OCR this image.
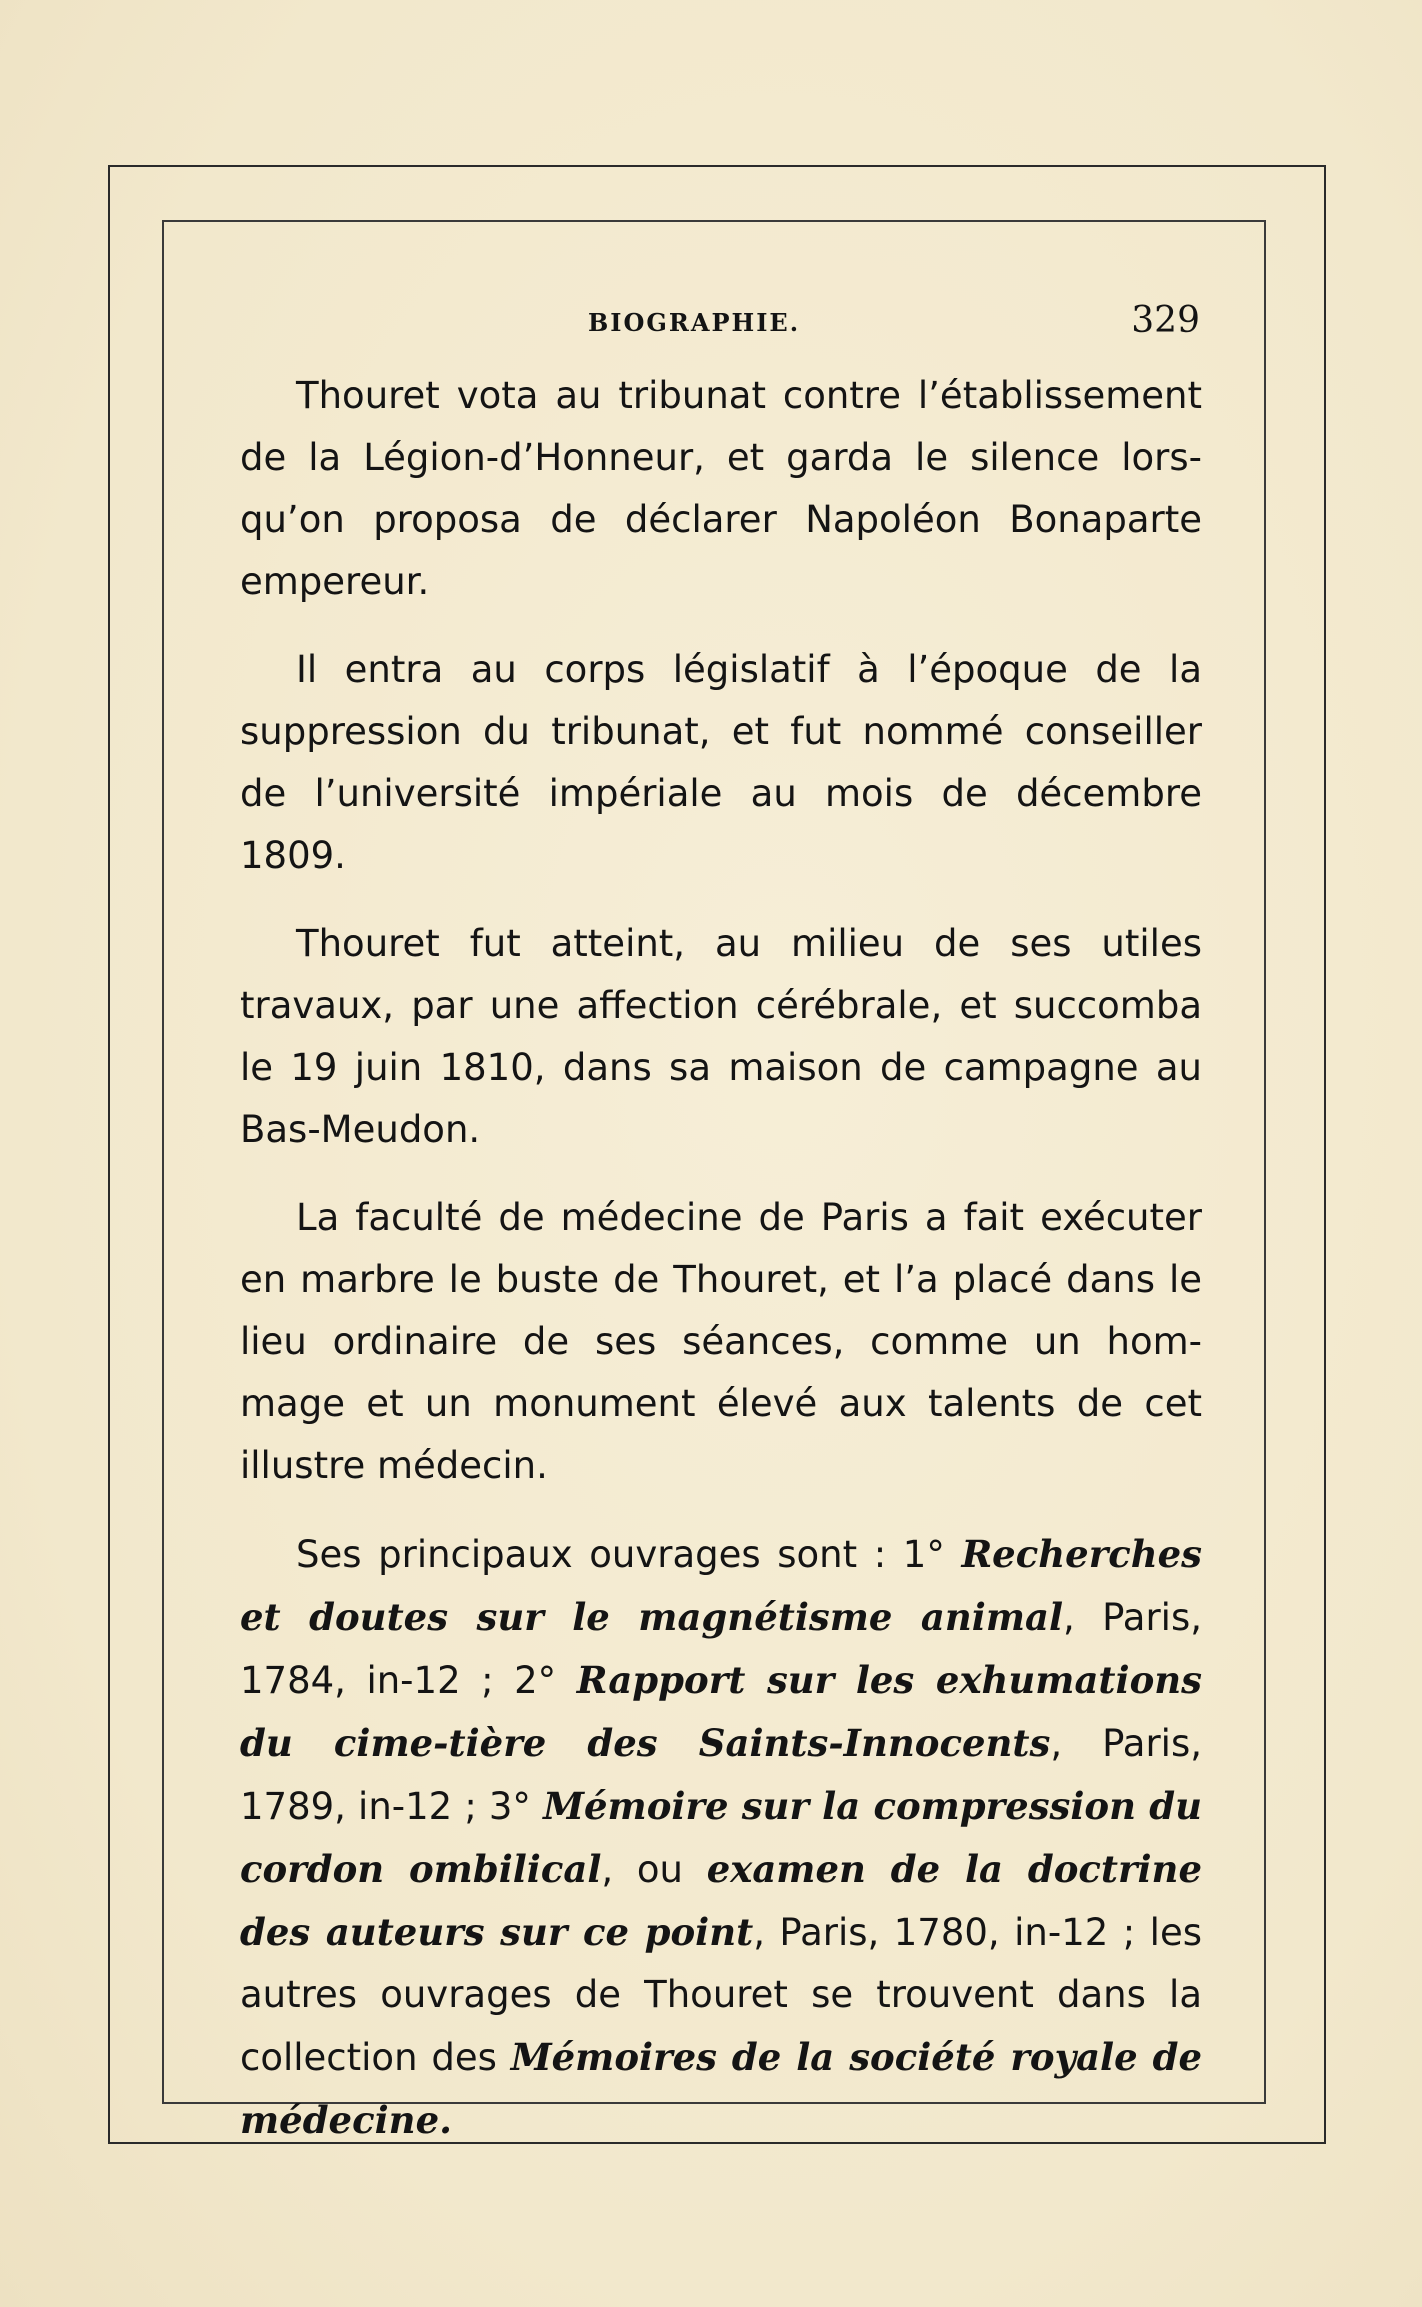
BIOGRAPHIE.	329

Thouret vota au tribunat contre l’établissement de la Légion-d’Honneur, et garda le silence lors-qu’on proposa de déclarer Napoléon Bonaparte empereur.

Il entra au corps législatif à l’époque de la suppression du tribunat, et fut nommé conseiller de l’université impériale au mois de décembre 1809.

Thouret fut atteint, au milieu de ses utiles travaux, par une affection cérébrale, et succomba le 19 juin 1810, dans sa maison de campagne au Bas-Meudon.

La faculté de médecine de Paris a fait exécuter en marbre le buste de Thouret, et l’a placé dans le lieu ordinaire de ses séances, comme un hom-mage et un monument élevé aux talents de cet illustre médecin.

Ses principaux ouvrages sont : 1° Recherches et doutes sur le magnétisme animal, Paris, 1784, in-12 ; 2° Rapport sur les exhumations du cime-tière des Saints-Innocents, Paris, 1789, in-12 ; 3° Mémoire sur la compression du cordon ombilical, ou examen de la doctrine des auteurs sur ce point, Paris, 1780, in-12 ; les autres ouvrages de Thouret se trouvent dans la collection des Mémoires de la société royale de médecine.
